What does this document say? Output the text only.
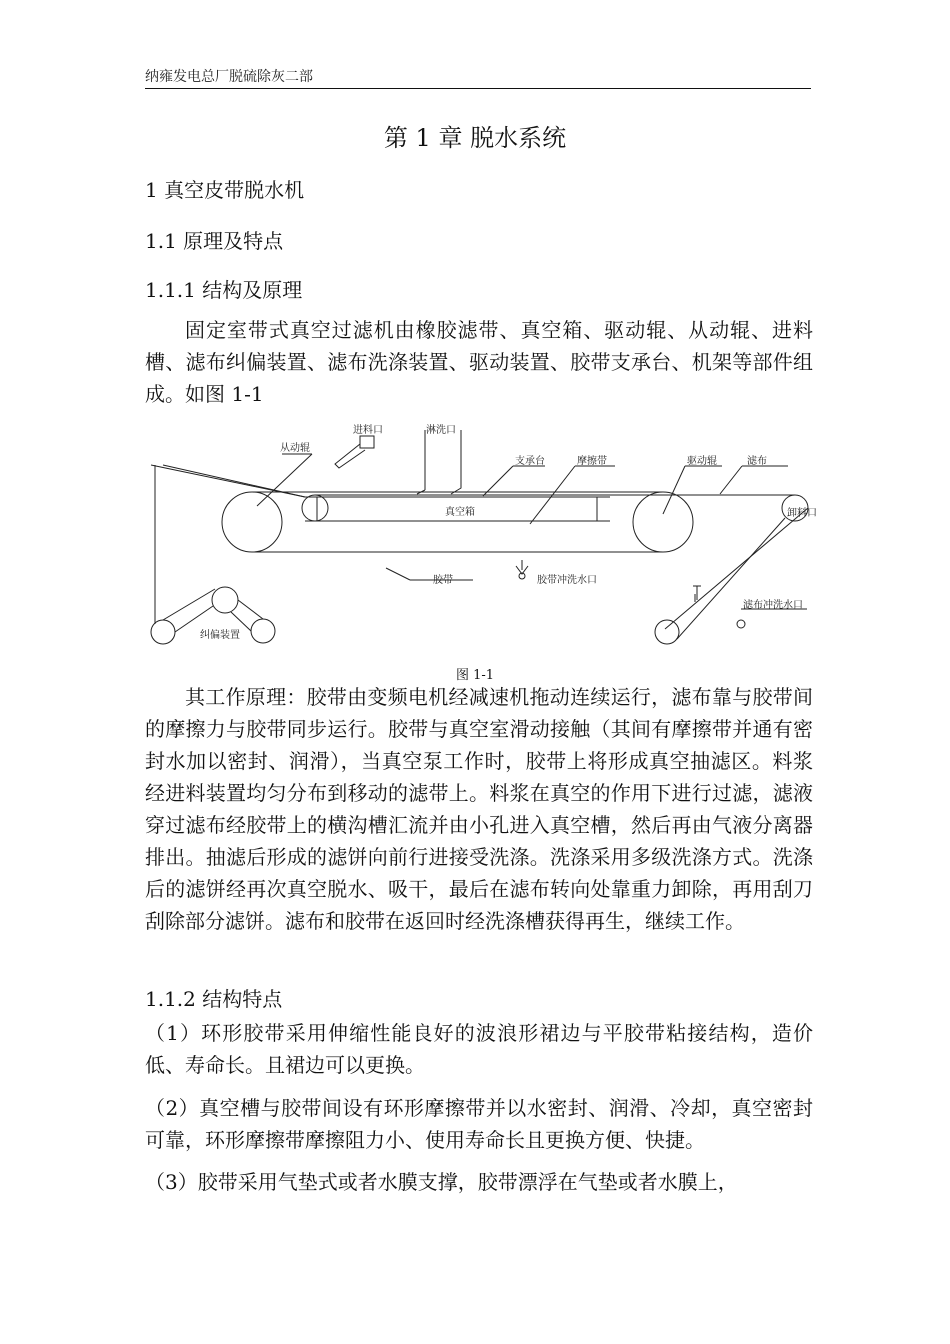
纳雍发电总厂脱硫除灰二部
第 1 章 脱水系统
1 真空皮带脱水机
1.1 原理及特点
1.1.1 结构及原理

固定室带式真空过滤机由橡胶滤带、真空箱、驱动辊、从动辊、进料槽、滤布纠偏装置、滤布洗涤装置、驱动装置、胶带支承台、机架等部件组成。如图 1-1

进料口	淋洗口
从动辊
支承台	摩擦带	驱动辊	滤布
卸料口
真空箱
胶带	胶带冲洗水口
滤布冲洗水口
纠偏装置
图 1-1

其工作原理：胶带由变频电机经减速机拖动连续运行，滤布靠与胶带间的摩擦力与胶带同步运行。胶带与真空室滑动接触（其间有摩擦带并通有密封水加以密封、润滑），当真空泵工作时，胶带上将形成真空抽滤区。料浆经进料装置均匀分布到移动的滤带上。料浆在真空的作用下进行过滤，滤液穿过滤布经胶带上的横沟槽汇流并由小孔进入真空槽，然后再由气液分离器排出。抽滤后形成的滤饼向前行进接受洗涤。洗涤采用多级洗涤方式。洗涤后的滤饼经再次真空脱水、吸干，最后在滤布转向处靠重力卸除，再用刮刀刮除部分滤饼。滤布和胶带在返回时经洗涤槽获得再生，继续工作。

1.1.2 结构特点

（1）环形胶带采用伸缩性能良好的波浪形裙边与平胶带粘接结构，造价低、寿命长。且裙边可以更换。

（2）真空槽与胶带间设有环形摩擦带并以水密封、润滑、冷却，真空密封可靠，环形摩擦带摩擦阻力小、使用寿命长且更换方便、快捷。

（3）胶带采用气垫式或者水膜支撑，胶带漂浮在气垫或者水膜上，
